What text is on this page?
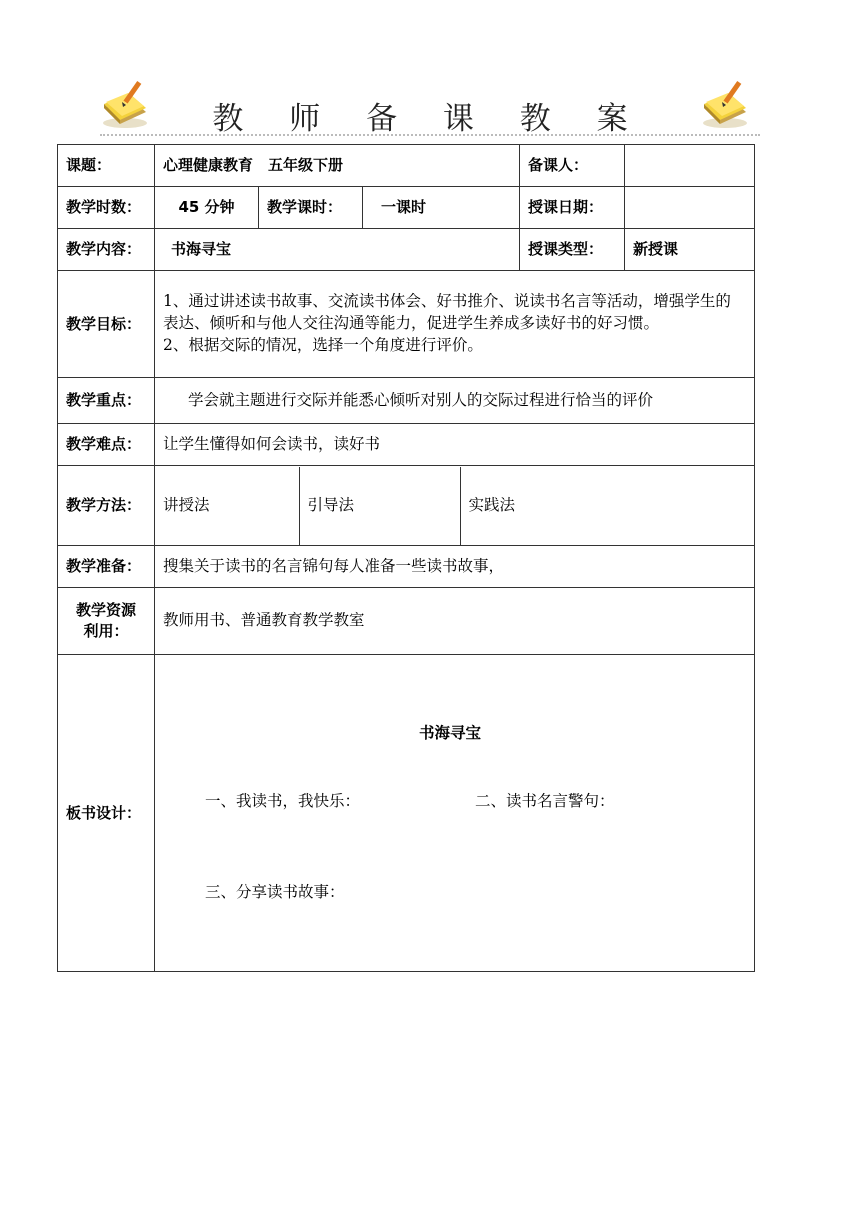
教 师 备 课 教 案
课题：	心理健康教育　五年级下册	备课人：	
教学时数：	45 分钟	教学课时：	一课时	授课日期：	
教学内容：	书海寻宝	授课类型：	新授课
教学目标：	
1、通过讲述读书故事、交流读书体会、好书推介、说读书名言等活动，增强学生的表达、倾听和与他人交往沟通等能力，促进学生养成多读好书的好习惯。
2、根据交际的情况，选择一个角度进行评价。

教学重点：	学会就主题进行交际并能悉心倾听对别人的交际过程进行恰当的评价
教学难点：	让学生懂得如何会读书，读好书
教学方法：	讲授法	引导法	实践法

教学准备：	搜集关于读书的名言锦句每人准备一些读书故事，

教学资源
利用：
	教师用书、普通教育教学教室
板书设计：	
书海寻宝
一、我读书，我快乐：	二、读书名言警句：
三、分享读书故事：
